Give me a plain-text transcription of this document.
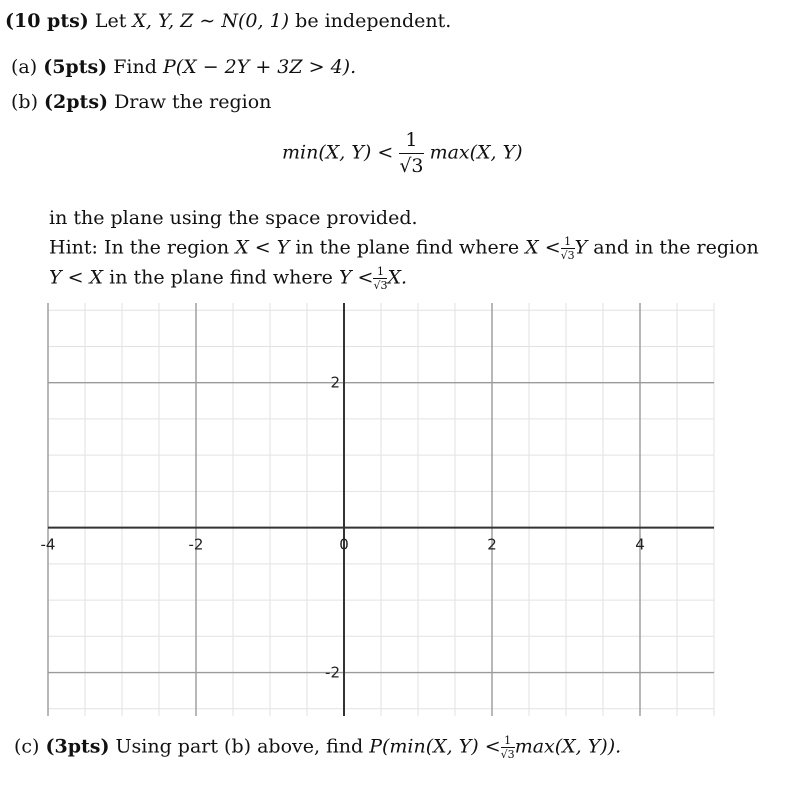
(10 pts) Let X, Y, Z ∼ N(0, 1) be independent.
(a) (5pts) Find P(X − 2Y + 3Z > 4).
(b) (2pts) Draw the region
min(X, $Y) < \frac{1}{√3} \max(X$, Y)
in the plane using the space provided.
Hint: In the region X < Y in the plane find where $X < \frac{1}{√3}$ Y and in the region
Y < X in the plane find where $Y < \frac{1}{√3} X$.
-4	-2	0	2	4
2
-2
(c) (3pts) Using part (b) above, find P(min(X, $Y) < \frac{1}{√3} \max(X$, Y)).
